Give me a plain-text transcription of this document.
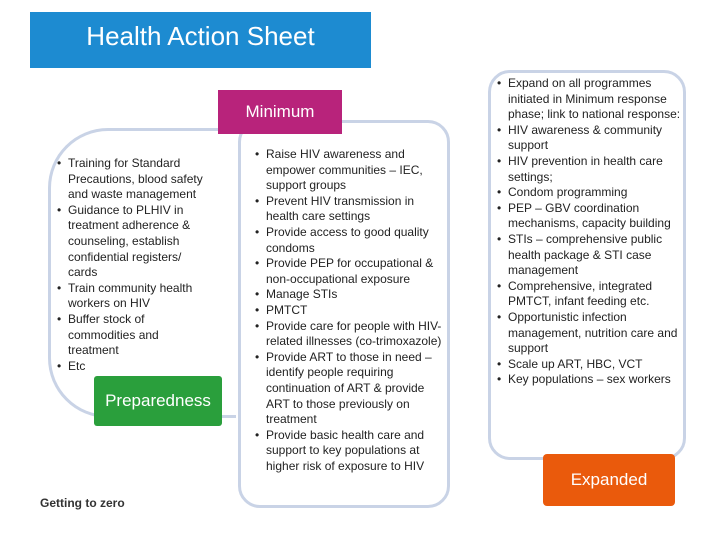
Health Action Sheet
• Training for Standard Precautions, blood safety and waste management
• Guidance to PLHIV in treatment adherence & counseling, establish confidential registers/ cards
• Train community health workers on HIV
• Buffer stock of commodities and treatment
• Etc
• Raise HIV awareness and empower communities – IEC, support groups
• Prevent HIV transmission in health care settings
• Provide access to good quality condoms
• Provide PEP for occupational & non-occupational exposure
• Manage STIs
• PMTCT
• Provide care for people with HIV-related illnesses (co-trimoxazole)
• Provide ART to those in need – identify people requiring continuation of ART & provide ART to those previously on treatment
• Provide basic health care and support to key populations at higher risk of exposure to HIV
• Expand on all programmes initiated in Minimum response phase; link to national response:
• HIV awareness & community support
• HIV prevention in health care settings;
• Condom programming
• PEP – GBV coordination mechanisms, capacity building
• STIs – comprehensive public health package & STI case management
• Comprehensive, integrated PMTCT, infant feeding etc.
• Opportunistic infection management, nutrition care and support
• Scale up ART, HBC, VCT
• Key populations – sex workers
Minimum
Preparedness
Expanded
Getting to zero
